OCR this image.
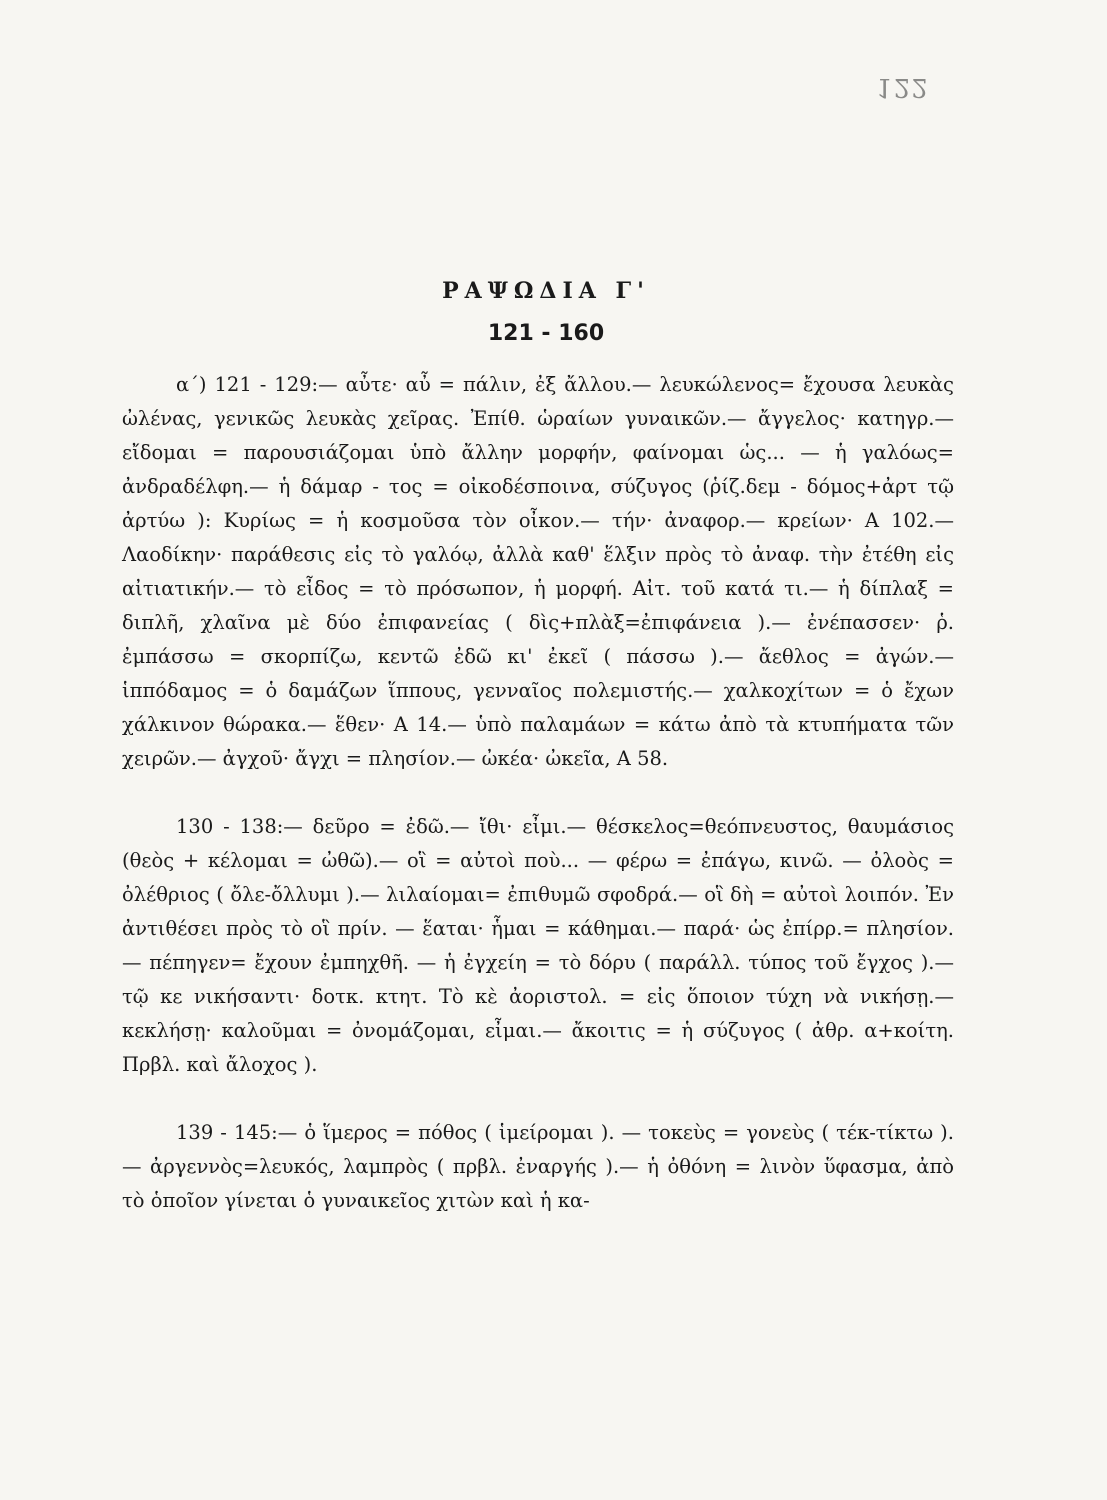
122
ΡΑΨΩΔΙΑ Γ'
121 - 160

α΄) 121 - 129:— αὖτε· αὖ = πάλιν, ἐξ ἄλλου.— λευκώλενος= ἔχουσα λευκὰς ὠλένας, γενικῶς λευκὰς χεῖρας. Ἐπίθ. ὡραίων γυναικῶν.— ἄγγελος· κατηγρ.— εἴδομαι = παρουσιάζομαι ὑπὸ ἄλλην μορφήν, φαίνομαι ὡς... — ἡ γαλόως= ἀνδραδέλφη.— ἡ δάμαρ - τος = οἰκοδέσποινα, σύζυγος (ῥίζ.δεμ - δόμος+ἀρτ τῷ ἀρτύω ): Κυρίως = ἡ κοσμοῦσα τὸν οἶκον.— τήν· ἀναφορ.— κρείων· Α 102.— Λαοδίκην· παράθεσις εἰς τὸ γαλόῳ, ἀλλὰ καθ' ἕλξιν πρὸς τὸ ἀναφ. τὴν ἐτέθη εἰς αἰτιατικήν.— τὸ εἶδος = τὸ πρόσωπον, ἡ μορφή. Αἰτ. τοῦ κατά τι.— ἡ δίπλαξ = διπλῆ, χλαῖνα μὲ δύο ἐπιφανείας ( δὶς+πλὰξ=ἐπιφάνεια ).— ἐνέπασσεν· ῥ. ἐμπάσσω = σκορπίζω, κεντῶ ἐδῶ κι' ἐκεῖ ( πάσσω ).— ἄεθλος = ἀγών.— ἱππόδαμος = ὁ δαμάζων ἵππους, γενναῖος πολεμιστής.— χαλκοχίτων = ὁ ἔχων χάλκινον θώρακα.— ἕθεν· Α 14.— ὑπὸ παλαμάων = κάτω ἀπὸ τὰ κτυπήματα τῶν χειρῶν.— ἀγχοῦ· ἄγχι = πλησίον.— ὠκέα· ὠκεῖα, Α 58.

130 - 138:— δεῦρο = ἐδῶ.— ἴθι· εἶμι.— θέσκελος=θεόπνευστος, θαυμάσιος (θεὸς + κέλομαι = ὠθῶ).— οἳ = αὐτοὶ ποὺ... — φέρω = ἐπάγω, κινῶ. — ὀλοὸς = ὀλέθριος ( ὄλε-ὄλλυμι ).— λιλαίομαι= ἐπιθυμῶ σφοδρά.— οἳ δὴ = αὐτοὶ λοιπόν. Ἐν ἀντιθέσει πρὸς τὸ οἳ πρίν. — ἕαται· ἧμαι = κάθημαι.— παρά· ὡς ἐπίρρ.= πλησίον.— πέπηγεν= ἔχουν ἐμπηχθῆ. — ἡ ἐγχείη = τὸ δόρυ ( παράλλ. τύπος τοῦ ἔγχος ).— τῷ κε νικήσαντι· δοτκ. κτητ. Τὸ κὲ ἀοριστολ. = εἰς ὅποιον τύχη νὰ νικήσῃ.— κεκλήσῃ· καλοῦμαι = ὀνομάζομαι, εἶμαι.— ἄκοιτις = ἡ σύζυγος ( ἀθρ. α+κοίτη. Πρβλ. καὶ ἄλοχος ).

139 - 145:— ὁ ἵμερος = πόθος ( ἱμείρομαι ). — τοκεὺς = γονεὺς ( τέκ-τίκτω ).— ἀργεννὸς=λευκός, λαμπρὸς ( πρβλ. ἐναργής ).— ἡ ὀθόνη = λινὸν ὕφασμα, ἀπὸ τὸ ὁποῖον γίνεται ὁ γυναικεῖος χιτὼν καὶ ἡ κα-
